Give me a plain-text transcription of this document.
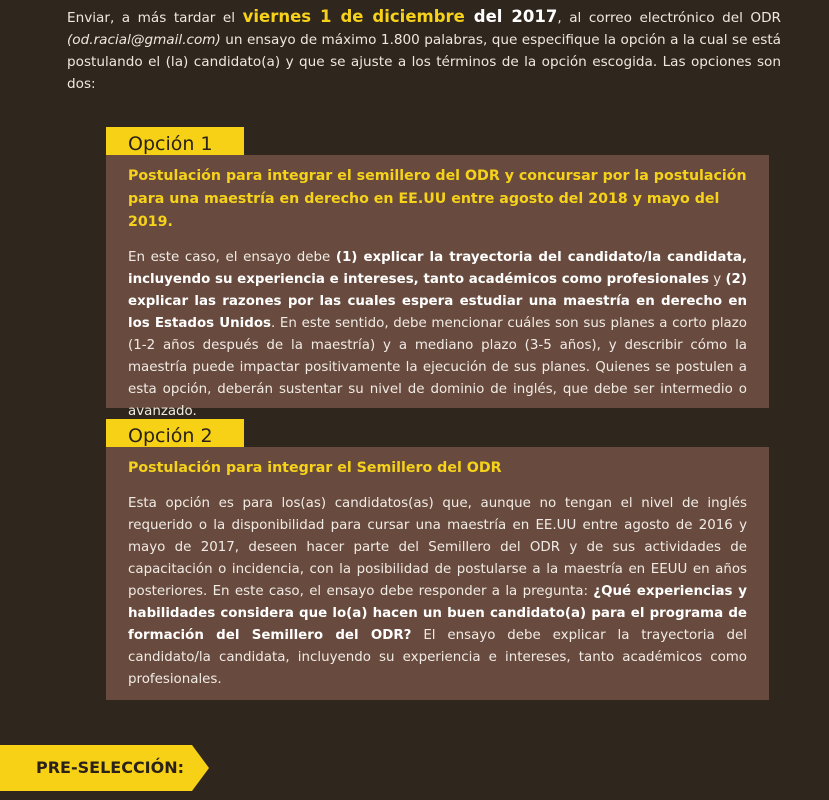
Enviar, a más tardar el viernes 1 de diciembre del 2017, al correo electrónico del ODR (od.racial@gmail.com) un ensayo de máximo 1.800 palabras, que especifique la opción a la cual se está postulando el (la) candidato(a) y que se ajuste a los términos de la opción escogida. Las opciones son dos:
Opción 1
Postulación para integrar el semillero del ODR y concursar por la postulación para una maestría en derecho en EE.UU entre agosto del 2018 y mayo del 2019.

En este caso, el ensayo debe (1) explicar la trayectoria del candidato/la candidata, incluyendo su experiencia e intereses, tanto académicos como profesionales y (2) explicar las razones por las cuales espera estudiar una maestría en derecho en los Estados Unidos. En este sentido, debe mencionar cuáles son sus planes a corto plazo (1-2 años después de la maestría) y a mediano plazo (3-5 años), y describir cómo la maestría puede impactar positivamente la ejecución de sus planes. Quienes se postulen a esta opción, deberán sustentar su nivel de dominio de inglés, que debe ser intermedio o avanzado.

Opción 2
Postulación para integrar el Semillero del ODR

Esta opción es para los(as) candidatos(as) que, aunque no tengan el nivel de inglés requerido o la disponibilidad para cursar una maestría en EE.UU entre agosto de 2016 y mayo de 2017, deseen hacer parte del Semillero del ODR y de sus actividades de capacitación o incidencia, con la posibilidad de postularse a la maestría en EEUU en años posteriores. En este caso, el ensayo debe responder a la pregunta: ¿Qué experiencias y habilidades considera que lo(a) hacen un buen candidato(a) para el programa de formación del Semillero del ODR? El ensayo debe explicar la trayectoria del candidato/la candidata, incluyendo su experiencia e intereses, tanto académicos como profesionales.

PRE-SELECCIÓN:
